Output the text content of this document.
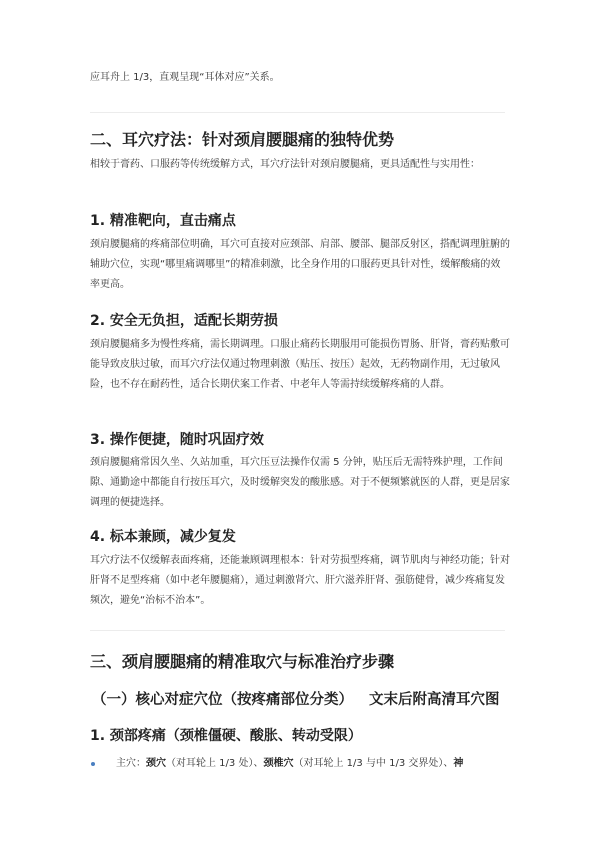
应耳舟上 1/3，直观呈现“耳体对应”关系。

二、耳穴疗法：针对颈肩腰腿痛的独特优势

相较于膏药、口服药等传统缓解方式，耳穴疗法针对颈肩腰腿痛，更具适配性与实用性：

1. 精准靶向，直击痛点

颈肩腰腿痛的疼痛部位明确，耳穴可直接对应颈部、肩部、腰部、腿部反射区，搭配调理脏腑的辅助穴位，实现“哪里痛调哪里”的精准刺激，比全身作用的口服药更具针对性，缓解酸痛的效率更高。

2. 安全无负担，适配长期劳损

颈肩腰腿痛多为慢性疼痛，需长期调理。口服止痛药长期服用可能损伤胃肠、肝肾，膏药贴敷可能导致皮肤过敏，而耳穴疗法仅通过物理刺激（贴压、按压）起效，无药物副作用，无过敏风险，也不存在耐药性，适合长期伏案工作者、中老年人等需持续缓解疼痛的人群。

3. 操作便捷，随时巩固疗效

颈肩腰腿痛常因久坐、久站加重，耳穴压豆法操作仅需 5 分钟，贴压后无需特殊护理，工作间隙、通勤途中都能自行按压耳穴，及时缓解突发的酸胀感。对于不便频繁就医的人群，更是居家调理的便捷选择。

4. 标本兼顾，减少复发

耳穴疗法不仅缓解表面疼痛，还能兼顾调理根本：针对劳损型疼痛，调节肌肉与神经功能；针对肝肾不足型疼痛（如中老年腰腿痛），通过刺激肾穴、肝穴滋养肝肾、强筋健骨，减少疼痛复发频次，避免“治标不治本”。

三、颈肩腰腿痛的精准取穴与标准治疗步骤
（一）核心对症穴位（按疼痛部位分类） 文末后附高清耳穴图
1. 颈部疼痛（颈椎僵硬、酸胀、转动受限）

主穴：颈穴（对耳轮上 1/3 处）、颈椎穴（对耳轮上 1/3 与中 1/3 交界处）、神
